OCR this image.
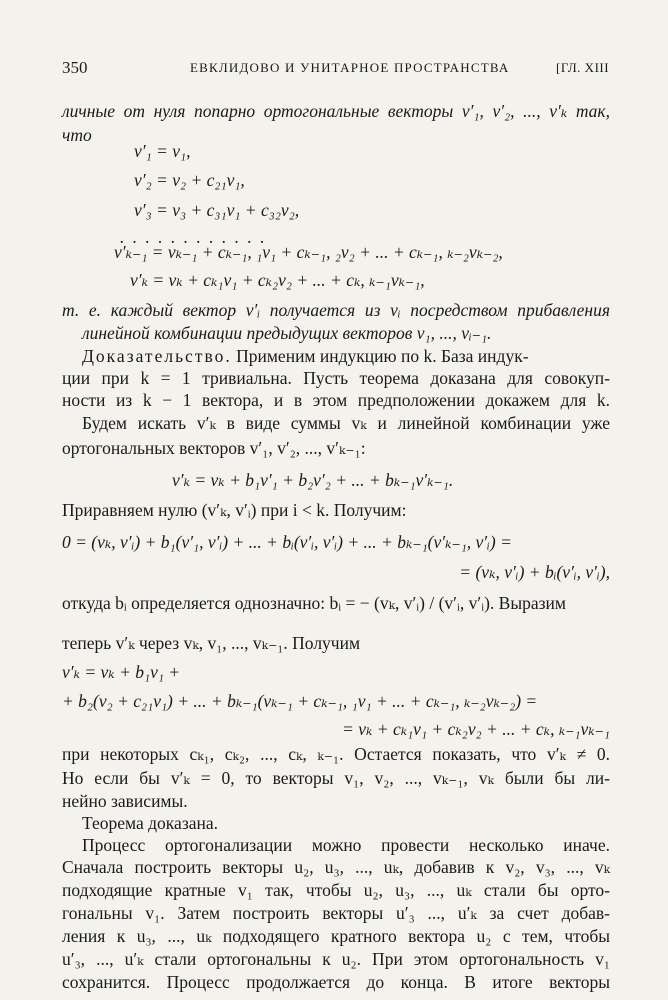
350	ЕВКЛИДОВО И УНИТАРНОЕ ПРОСТРАНСТВА	[ГЛ. XIII
личные от нуля попарно ортогональные векторы v′₁, v′₂, ..., v′ₖ так,
что
v′₁ = v₁,
v′₂ = v₂ + c₂₁v₁,
v′₃ = v₃ + c₃₁v₁ + c₃₂v₂,
. . . . . . . . . . . .
v′ₖ₋₁ = vₖ₋₁ + cₖ₋₁, ₁v₁ + cₖ₋₁, ₂v₂ + ... + cₖ₋₁, ₖ₋₂vₖ₋₂,
v′ₖ = vₖ + cₖ₁v₁ + cₖ₂v₂ + ... + cₖ, ₖ₋₁vₖ₋₁,
т. е. каждый вектор v′ᵢ получается из vᵢ посредством прибавления
линейной комбинации предыдущих векторов v₁, ..., vᵢ₋₁.
Доказательство. Применим индукцию по k. База индук-
ции при k = 1 тривиальна. Пусть теорема доказана для совокуп-
ности из k − 1 вектора, и в этом предположении докажем для k.
Будем искать v′ₖ в виде суммы vₖ и линейной комбинации уже
ортогональных векторов v′₁, v′₂, ..., v′ₖ₋₁:
v′ₖ = vₖ + b₁v′₁ + b₂v′₂ + ... + bₖ₋₁v′ₖ₋₁.
Приравняем нулю (v′ₖ, v′ᵢ) при i < k. Получим:
0 = (vₖ, v′ᵢ) + b₁(v′₁, v′ᵢ) + ... + bᵢ(v′ᵢ, v′ᵢ) + ... + bₖ₋₁(v′ₖ₋₁, v′ᵢ) =
= (vₖ, v′ᵢ) + bᵢ(v′ᵢ, v′ᵢ),
откуда bᵢ определяется однозначно: bᵢ = − (vₖ, v′ᵢ) / (v′ᵢ, v′ᵢ). Выразим
теперь v′ₖ через vₖ, v₁, ..., vₖ₋₁. Получим
v′ₖ = vₖ + b₁v₁ +
+ b₂(v₂ + c₂₁v₁) + ... + bₖ₋₁(vₖ₋₁ + cₖ₋₁, ₁v₁ + ... + cₖ₋₁, ₖ₋₂vₖ₋₂) =
= vₖ + cₖ₁v₁ + cₖ₂v₂ + ... + cₖ, ₖ₋₁vₖ₋₁
при некоторых cₖ₁, cₖ₂, ..., cₖ, ₖ₋₁. Остается показать, что v′ₖ ≠ 0.
Но если бы v′ₖ = 0, то векторы v₁, v₂, ..., vₖ₋₁, vₖ были бы ли-
нейно зависимы.
Теорема доказана.
Процесс ортогонализации можно провести несколько иначе.
Сначала построить векторы u₂, u₃, ..., uₖ, добавив к v₂, v₃, ..., vₖ
подходящие кратные v₁ так, чтобы u₂, u₃, ..., uₖ стали бы орто-
гональны v₁. Затем построить векторы u′₃ ..., u′ₖ за счет добав-
ления к u₃, ..., uₖ подходящего кратного вектора u₂ с тем, чтобы
u′₃, ..., u′ₖ стали ортогональны к u₂. При этом ортогональность v₁
сохранится. Процесс продолжается до конца. В итоге векторы
